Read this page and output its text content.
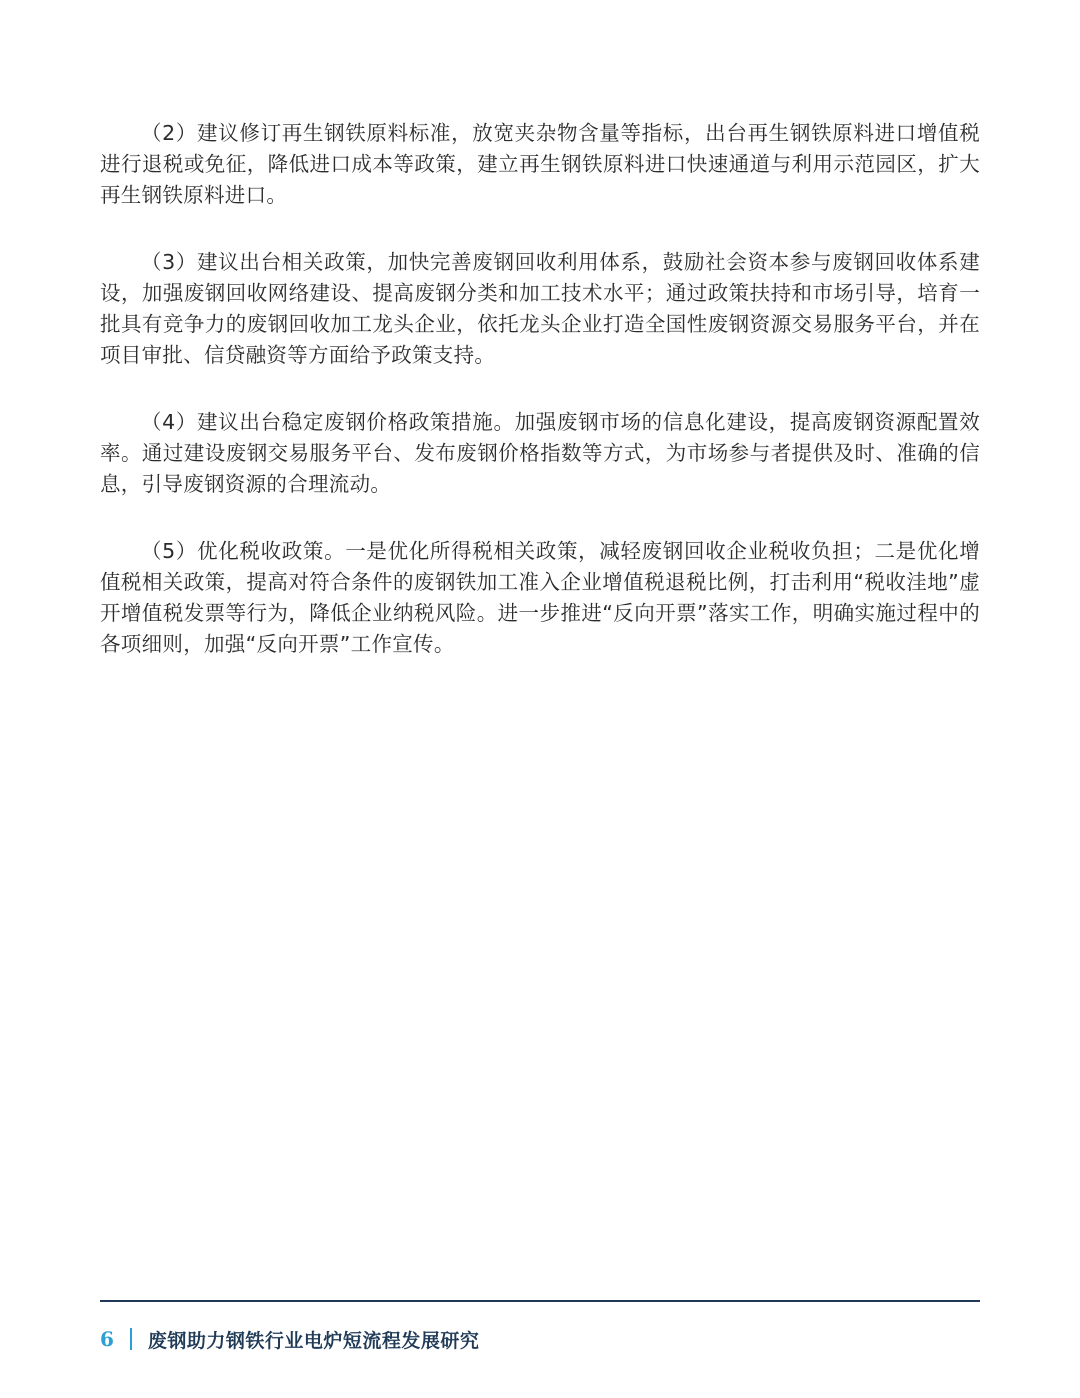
（2）建议修订再生钢铁原料标准，放宽夹杂物含量等指标，出台再生钢铁原料进口增值税进行退税或免征，降低进口成本等政策，建立再生钢铁原料进口快速通道与利用示范园区，扩大再生钢铁原料进口。

（3）建议出台相关政策，加快完善废钢回收利用体系，鼓励社会资本参与废钢回收体系建设，加强废钢回收网络建设、提高废钢分类和加工技术水平；通过政策扶持和市场引导，培育一批具有竞争力的废钢回收加工龙头企业，依托龙头企业打造全国性废钢资源交易服务平台，并在项目审批、信贷融资等方面给予政策支持。

（4）建议出台稳定废钢价格政策措施。加强废钢市场的信息化建设，提高废钢资源配置效率。通过建设废钢交易服务平台、发布废钢价格指数等方式，为市场参与者提供及时、准确的信息，引导废钢资源的合理流动。

（5）优化税收政策。一是优化所得税相关政策，减轻废钢回收企业税收负担；二是优化增值税相关政策，提高对符合条件的废钢铁加工准入企业增值税退税比例，打击利用“税收洼地”虚开增值税发票等行为，降低企业纳税风险。进一步推进“反向开票”落实工作，明确实施过程中的各项细则，加强“反向开票”工作宣传。

6 废钢助力钢铁行业电炉短流程发展研究
